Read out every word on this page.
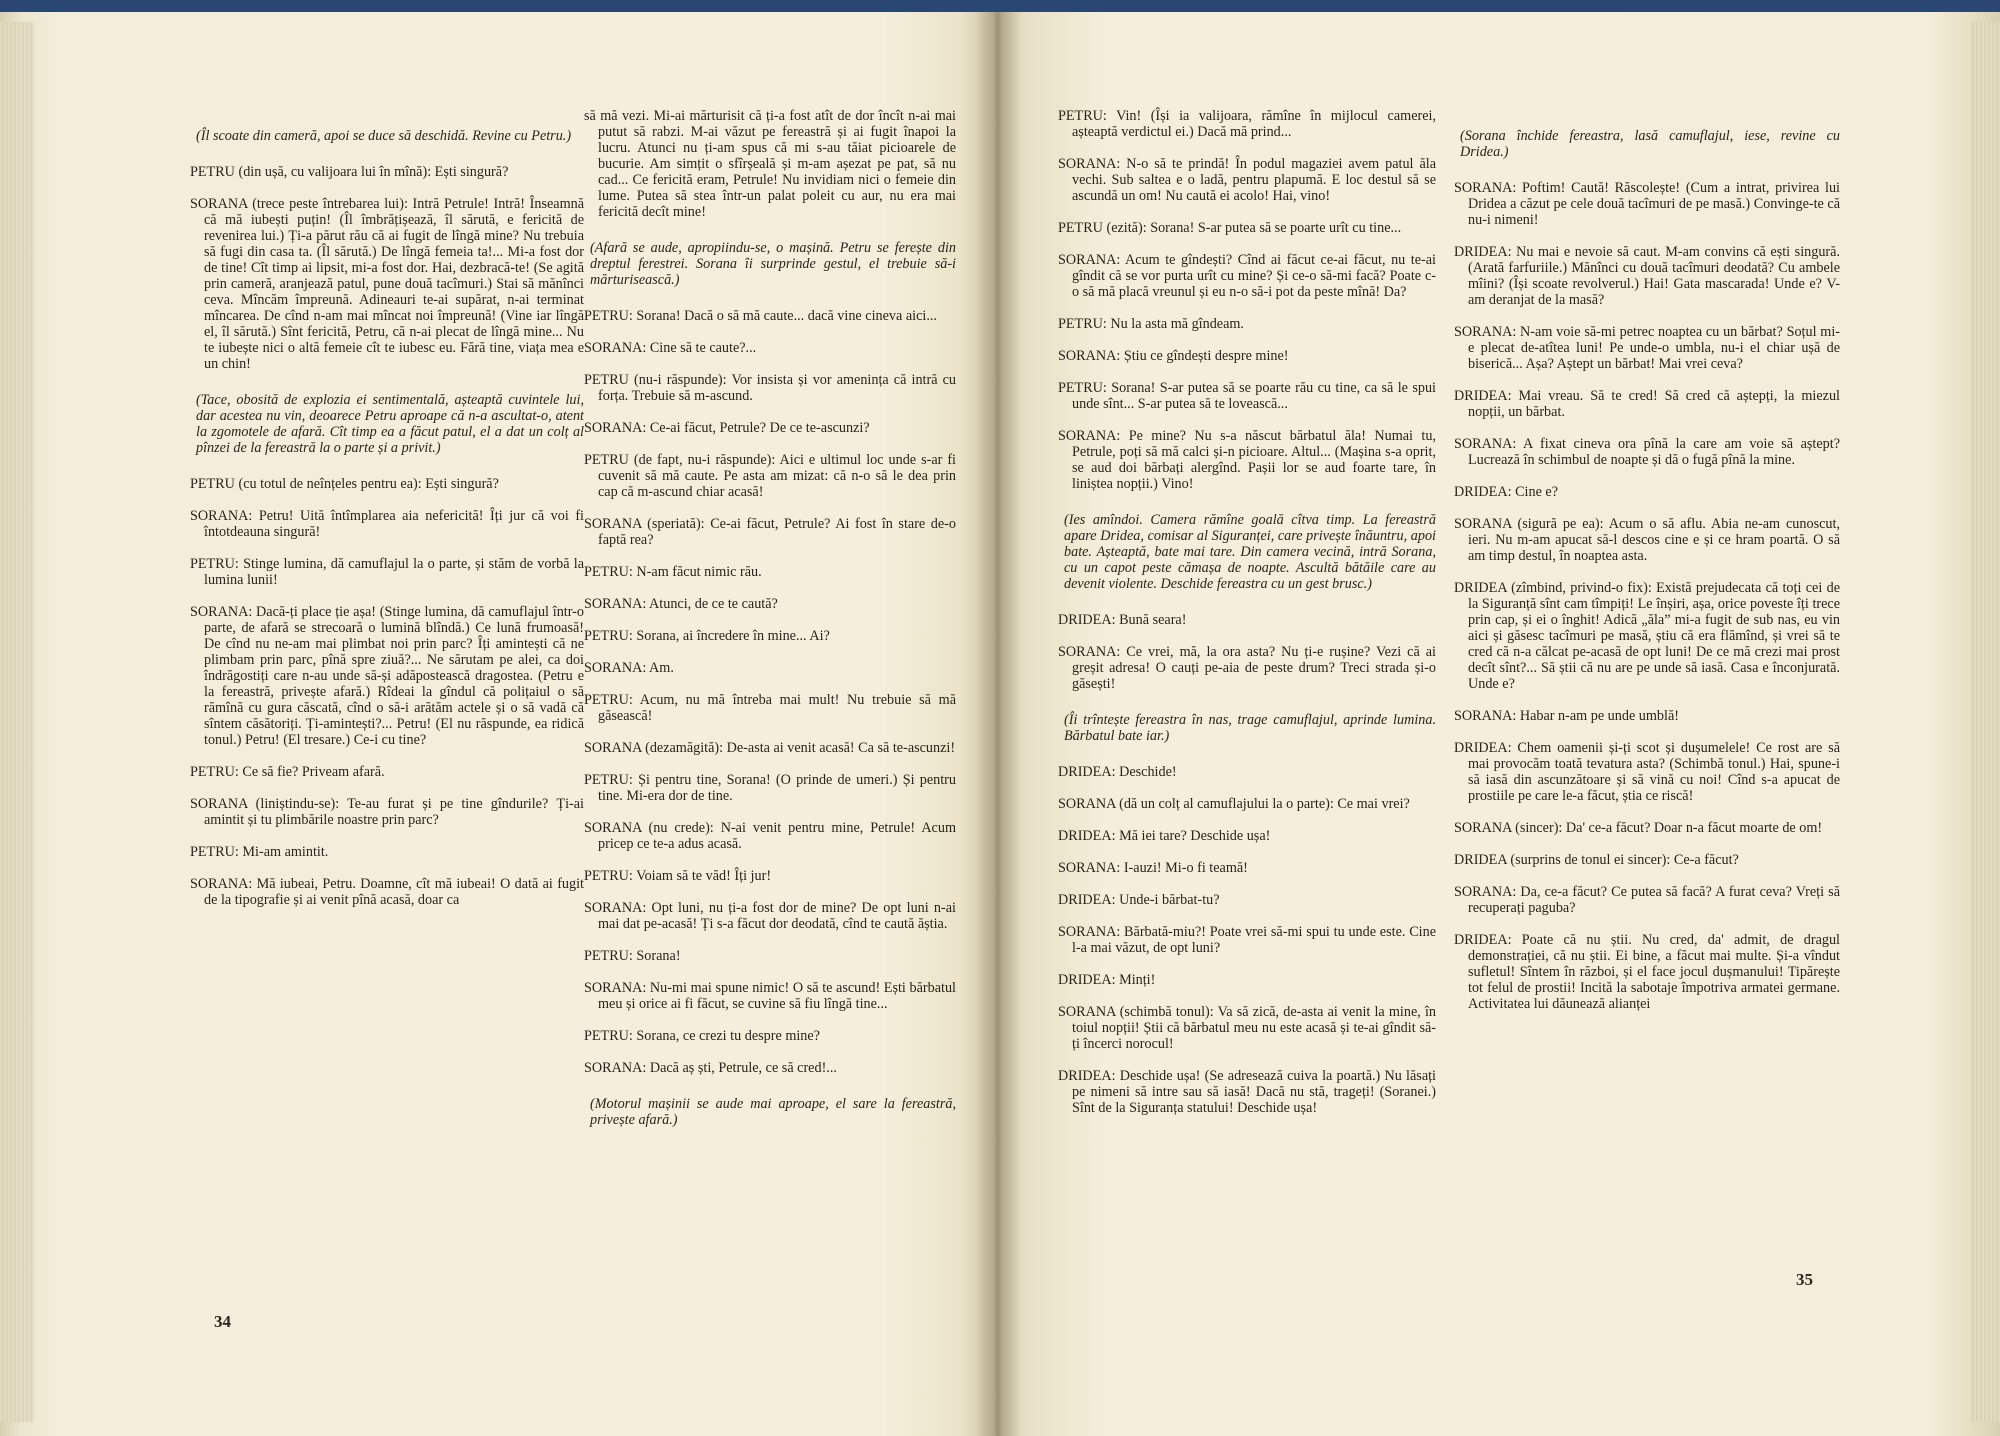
(Îl scoate din cameră, apoi se duce să deschidă. Revine cu Petru.)

PETRU (din ușă, cu valijoara lui în mînă): Ești singură?

SORANA (trece peste întrebarea lui): Intră Petrule! Intră! Înseamnă că mă iubești puțin! (Îl îmbrățișează, îl sărută, e fericită de revenirea lui.) Ți-a părut rău că ai fugit de lîngă mine? Nu trebuia să fugi din casa ta. (Îl sărută.) De lîngă femeia ta!... Mi-a fost dor de tine! Cît timp ai lipsit, mi-a fost dor. Hai, dezbracă-te! (Se agită prin cameră, aranjează patul, pune două tacîmuri.) Stai să mănînci ceva. Mîncăm împreună. Adineauri te-ai supărat, n-ai terminat mîncarea. De cînd n-am mai mîncat noi împreună! (Vine iar lîngă el, îl sărută.) Sînt fericită, Petru, că n-ai plecat de lîngă mine... Nu te iubește nici o altă femeie cît te iubesc eu. Fără tine, viața mea e un chin!

(Tace, obosită de explozia ei sentimentală, așteaptă cuvintele lui, dar acestea nu vin, deoarece Petru aproape că n-a ascultat-o, atent la zgomotele de afară. Cît timp ea a făcut patul, el a dat un colț al pînzei de la fereastră la o parte și a privit.)

PETRU (cu totul de neînțeles pentru ea): Ești singură?

SORANA: Petru! Uită întîmplarea aia nefericită! Îți jur că voi fi întotdeauna singură!

PETRU: Stinge lumina, dă camuflajul la o parte, și stăm de vorbă la lumina lunii!

SORANA: Dacă-ți place ție așa! (Stinge lumina, dă camuflajul într-o parte, de afară se strecoară o lumină blîndă.) Ce lună frumoasă! De cînd nu ne-am mai plimbat noi prin parc? Îți amintești că ne plimbam prin parc, pînă spre ziuă?... Ne sărutam pe alei, ca doi îndrăgostiți care n-au unde să-și adăpostească dragostea. (Petru e la fereastră, privește afară.) Rîdeai la gîndul că polițaiul o să rămînă cu gura căscată, cînd o să-i arătăm actele și o să vadă că sîntem căsătoriți. Ți-amintești?... Petru! (El nu răspunde, ea ridică tonul.) Petru! (El tresare.) Ce-i cu tine?

PETRU: Ce să fie? Priveam afară.

SORANA (liniștindu-se): Te-au furat și pe tine gîndurile? Ți-ai amintit și tu plimbările noastre prin parc?

PETRU: Mi-am amintit.

SORANA: Mă iubeai, Petru. Doamne, cît mă iubeai! O dată ai fugit de la tipografie și ai venit pînă acasă, doar ca

să mă vezi. Mi-ai mărturisit că ți-a fost atît de dor încît n-ai mai putut să rabzi. M-ai văzut pe fereastră și ai fugit înapoi la lucru. Atunci nu ți-am spus că mi s-au tăiat picioarele de bucurie. Am simțit o sfîrșeală și m-am așezat pe pat, să nu cad... Ce fericită eram, Petrule! Nu invidiam nici o femeie din lume. Putea să stea într-un palat poleit cu aur, nu era mai fericită decît mine!

(Afară se aude, apropiindu-se, o mașină. Petru se ferește din dreptul ferestrei. Sorana îi surprinde gestul, el trebuie să-i mărturisească.)

PETRU: Sorana! Dacă o să mă caute... dacă vine cineva aici...

SORANA: Cine să te caute?...

PETRU (nu-i răspunde): Vor insista și vor amenința că intră cu forța. Trebuie să m-ascund.

SORANA: Ce-ai făcut, Petrule? De ce te-ascunzi?

PETRU (de fapt, nu-i răspunde): Aici e ultimul loc unde s-ar fi cuvenit să mă caute. Pe asta am mizat: că n-o să le dea prin cap că m-ascund chiar acasă!

SORANA (speriată): Ce-ai făcut, Petrule? Ai fost în stare de-o faptă rea?

PETRU: N-am făcut nimic rău.

SORANA: Atunci, de ce te caută?

PETRU: Sorana, ai încredere în mine... Ai?

SORANA: Am.

PETRU: Acum, nu mă întreba mai mult! Nu trebuie să mă găsească!

SORANA (dezamăgită): De-asta ai venit acasă! Ca să te-ascunzi!

PETRU: Și pentru tine, Sorana! (O prinde de umeri.) Și pentru tine. Mi-era dor de tine.

SORANA (nu crede): N-ai venit pentru mine, Petrule! Acum pricep ce te-a adus acasă.

PETRU: Voiam să te văd! Îți jur!

SORANA: Opt luni, nu ți-a fost dor de mine? De opt luni n-ai mai dat pe-acasă! Ți s-a făcut dor deodată, cînd te caută ăștia.

PETRU: Sorana!

SORANA: Nu-mi mai spune nimic! O să te ascund! Ești bărbatul meu și orice ai fi făcut, se cuvine să fiu lîngă tine...

PETRU: Sorana, ce crezi tu despre mine?

SORANA: Dacă aș ști, Petrule, ce să cred!...

(Motorul mașinii se aude mai aproape, el sare la fereastră, privește afară.)

34

PETRU: Vin! (Își ia valijoara, rămîne în mijlocul camerei, așteaptă verdictul ei.) Dacă mă prind...

SORANA: N-o să te prindă! În podul magaziei avem patul ăla vechi. Sub saltea e o ladă, pentru plapumă. E loc destul să se ascundă un om! Nu caută ei acolo! Hai, vino!

PETRU (ezită): Sorana! S-ar putea să se poarte urît cu tine...

SORANA: Acum te gîndești? Cînd ai făcut ce-ai făcut, nu te-ai gîndit că se vor purta urît cu mine? Și ce-o să-mi facă? Poate c-o să mă placă vreunul și eu n-o să-i pot da peste mînă! Da?

PETRU: Nu la asta mă gîndeam.

SORANA: Știu ce gîndești despre mine!

PETRU: Sorana! S-ar putea să se poarte rău cu tine, ca să le spui unde sînt... S-ar putea să te lovească...

SORANA: Pe mine? Nu s-a născut bărbatul ăla! Numai tu, Petrule, poți să mă calci și-n picioare. Altul... (Mașina s-a oprit, se aud doi bărbați alergînd. Pașii lor se aud foarte tare, în liniștea nopții.) Vino!

(Ies amîndoi. Camera rămîne goală cîtva timp. La fereastră apare Dridea, comisar al Siguranței, care privește înăuntru, apoi bate. Așteaptă, bate mai tare. Din camera vecină, intră Sorana, cu un capot peste cămașa de noapte. Ascultă bătăile care au devenit violente. Deschide fereastra cu un gest brusc.)

DRIDEA: Bună seara!

SORANA: Ce vrei, mă, la ora asta? Nu ți-e rușine? Vezi că ai greșit adresa! O cauți pe-aia de peste drum? Treci strada și-o găsești!

(Îi trîntește fereastra în nas, trage camuflajul, aprinde lumina. Bărbatul bate iar.)

DRIDEA: Deschide!

SORANA (dă un colț al camuflajului la o parte): Ce mai vrei?

DRIDEA: Mă iei tare? Deschide ușa!

SORANA: I-auzi! Mi-o fi teamă!

DRIDEA: Unde-i bărbat-tu?

SORANA: Bărbată-miu?! Poate vrei să-mi spui tu unde este. Cine l-a mai văzut, de opt luni?

DRIDEA: Minți!

SORANA (schimbă tonul): Va să zică, de-asta ai venit la mine, în toiul nopții! Știi că bărbatul meu nu este acasă și te-ai gîndit să-ți încerci norocul!

DRIDEA: Deschide ușa! (Se adresează cuiva la poartă.) Nu lăsați pe nimeni să intre sau să iasă! Dacă nu stă, trageți! (Soranei.) Sînt de la Siguranța statului! Deschide ușa!

(Sorana închide fereastra, lasă camuflajul, iese, revine cu Dridea.)

SORANA: Poftim! Caută! Răscolește! (Cum a intrat, privirea lui Dridea a căzut pe cele două tacîmuri de pe masă.) Convinge-te că nu-i nimeni!

DRIDEA: Nu mai e nevoie să caut. M-am convins că ești singură. (Arată farfuriile.) Mănînci cu două tacîmuri deodată? Cu ambele mîini? (Își scoate revolverul.) Hai! Gata mascarada! Unde e? V-am deranjat de la masă?

SORANA: N-am voie să-mi petrec noaptea cu un bărbat? Soțul mi-e plecat de-atîtea luni! Pe unde-o umbla, nu-i el chiar ușă de biserică... Așa? Aștept un bărbat! Mai vrei ceva?

DRIDEA: Mai vreau. Să te cred! Să cred că aștepți, la miezul nopții, un bărbat.

SORANA: A fixat cineva ora pînă la care am voie să aștept? Lucrează în schimbul de noapte și dă o fugă pînă la mine.

DRIDEA: Cine e?

SORANA (sigură pe ea): Acum o să aflu. Abia ne-am cunoscut, ieri. Nu m-am apucat să-l descos cine e și ce hram poartă. O să am timp destul, în noaptea asta.

DRIDEA (zîmbind, privind-o fix): Există prejudecata că toți cei de la Siguranță sînt cam tîmpiți! Le înșiri, așa, orice poveste îți trece prin cap, și ei o înghit! Adică „ăla” mi-a fugit de sub nas, eu vin aici și găsesc tacîmuri pe masă, știu că era flămînd, și vrei să te cred că n-a călcat pe-acasă de opt luni! De ce mă crezi mai prost decît sînt?... Să știi că nu are pe unde să iasă. Casa e înconjurată. Unde e?

SORANA: Habar n-am pe unde umblă!

DRIDEA: Chem oamenii și-ți scot și dușumelele! Ce rost are să mai provocăm toată tevatura asta? (Schimbă tonul.) Hai, spune-i să iasă din ascunzătoare și să vină cu noi! Cînd s-a apucat de prostiile pe care le-a făcut, știa ce riscă!

SORANA (sincer): Da' ce-a făcut? Doar n-a făcut moarte de om!

DRIDEA (surprins de tonul ei sincer): Ce-a făcut?

SORANA: Da, ce-a făcut? Ce putea să facă? A furat ceva? Vreți să recuperați paguba?

DRIDEA: Poate că nu știi. Nu cred, da' admit, de dragul demonstrației, că nu știi. Ei bine, a făcut mai multe. Și-a vîndut sufletul! Sîntem în război, și el face jocul dușmanului! Tipărește tot felul de prostii! Incită la sabotaje împotriva armatei germane. Activitatea lui dăunează alianței

35
